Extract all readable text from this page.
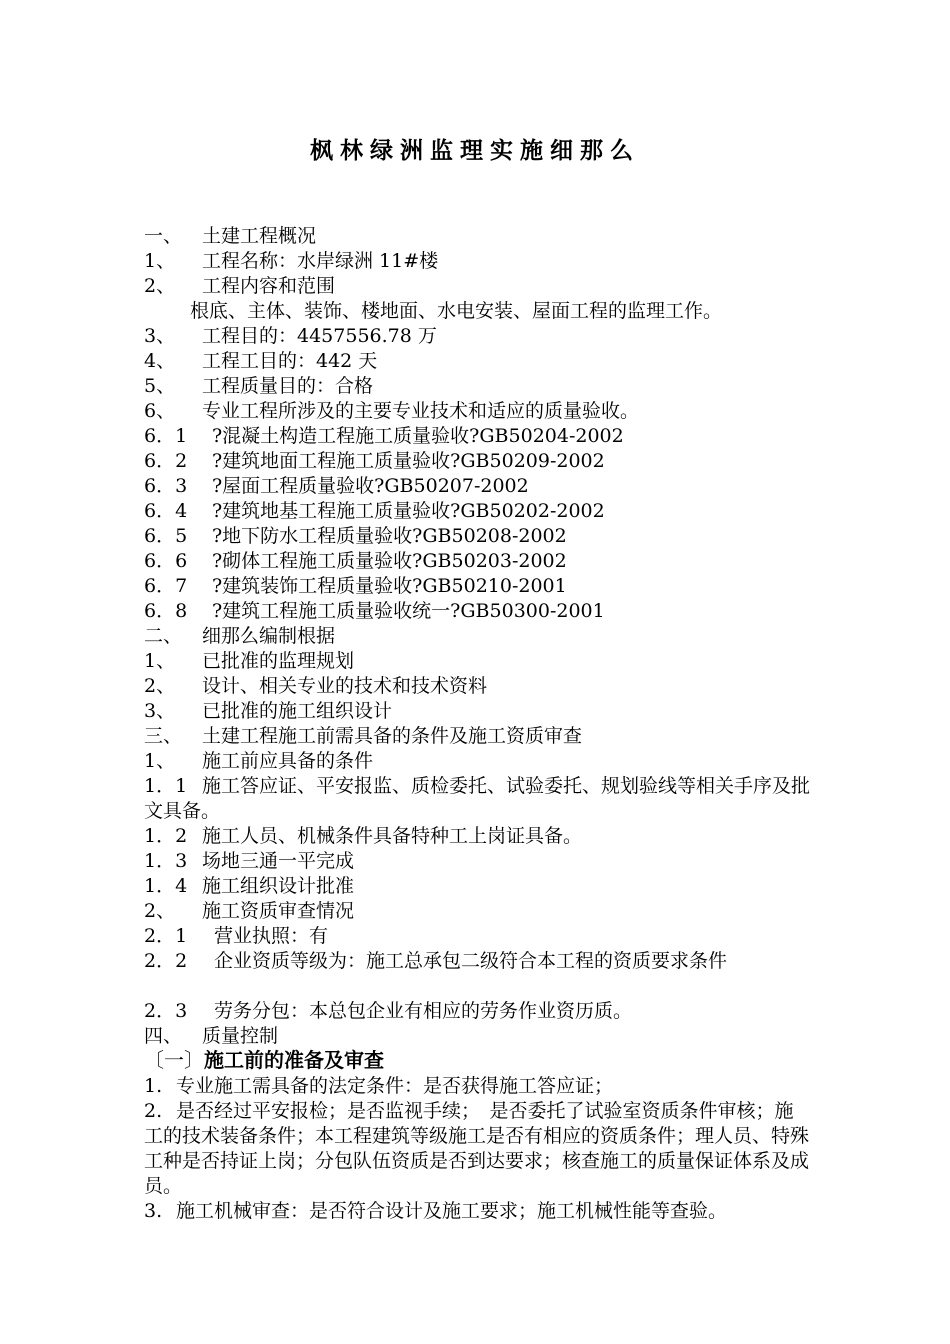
枫林绿洲监理实施细那么
一、 土建工程概况
1、 工程名称：水岸绿洲 11#楼
2、 工程内容和范围
根底、主体、装饰、楼地面、水电安装、屋面工程的监理工作。
3、 工程目的：4457556.78 万
4、 工程工目的：442 天
5、 工程质量目的：合格
6、 专业工程所涉及的主要专业技术和适应的质量验收。
6．1 ?混凝土构造工程施工质量验收?GB50204-2002
6．2 ?建筑地面工程施工质量验收?GB50209-2002
6．3 ?屋面工程质量验收?GB50207-2002
6．4 ?建筑地基工程施工质量验收?GB50202-2002
6．5 ?地下防水工程质量验收?GB50208-2002
6．6 ?砌体工程施工质量验收?GB50203-2002
6．7 ?建筑装饰工程质量验收?GB50210-2001
6．8 ?建筑工程施工质量验收统一?GB50300-2001
二、 细那么编制根据
1、 已批准的监理规划
2、 设计、相关专业的技术和技术资料
3、 已批准的施工组织设计
三、 土建工程施工前需具备的条件及施工资质审查
1、 施工前应具备的条件
1．1 施工答应证、平安报监、质检委托、试验委托、规划验线等相关手序及批文具备。
1．2 施工人员、机械条件具备特种工上岗证具备。
1．3 场地三通一平完成
1．4 施工组织设计批准
2、 施工资质审查情况
2．1 营业执照：有
2．2	企业资质等级为：施工总承包二级符合本工程的资质要求条件
2．3 劳务分包：本总包企业有相应的劳务作业资历质。
四、 质量控制
〔一〕施工前的准备及审查
1. 专业施工需具备的法定条件：是否获得施工答应证；
2. 是否经过平安报检；是否监视手续；　是否委托了试验室资质条件审核；施工的技术装备条件；本工程建筑等级施工是否有相应的资质条件；理人员、特殊工种是否持证上岗；分包队伍资质是否到达要求；核查施工的质量保证体系及成员。
3. 施工机械审查：是否符合设计及施工要求；施工机械性能等查验。
